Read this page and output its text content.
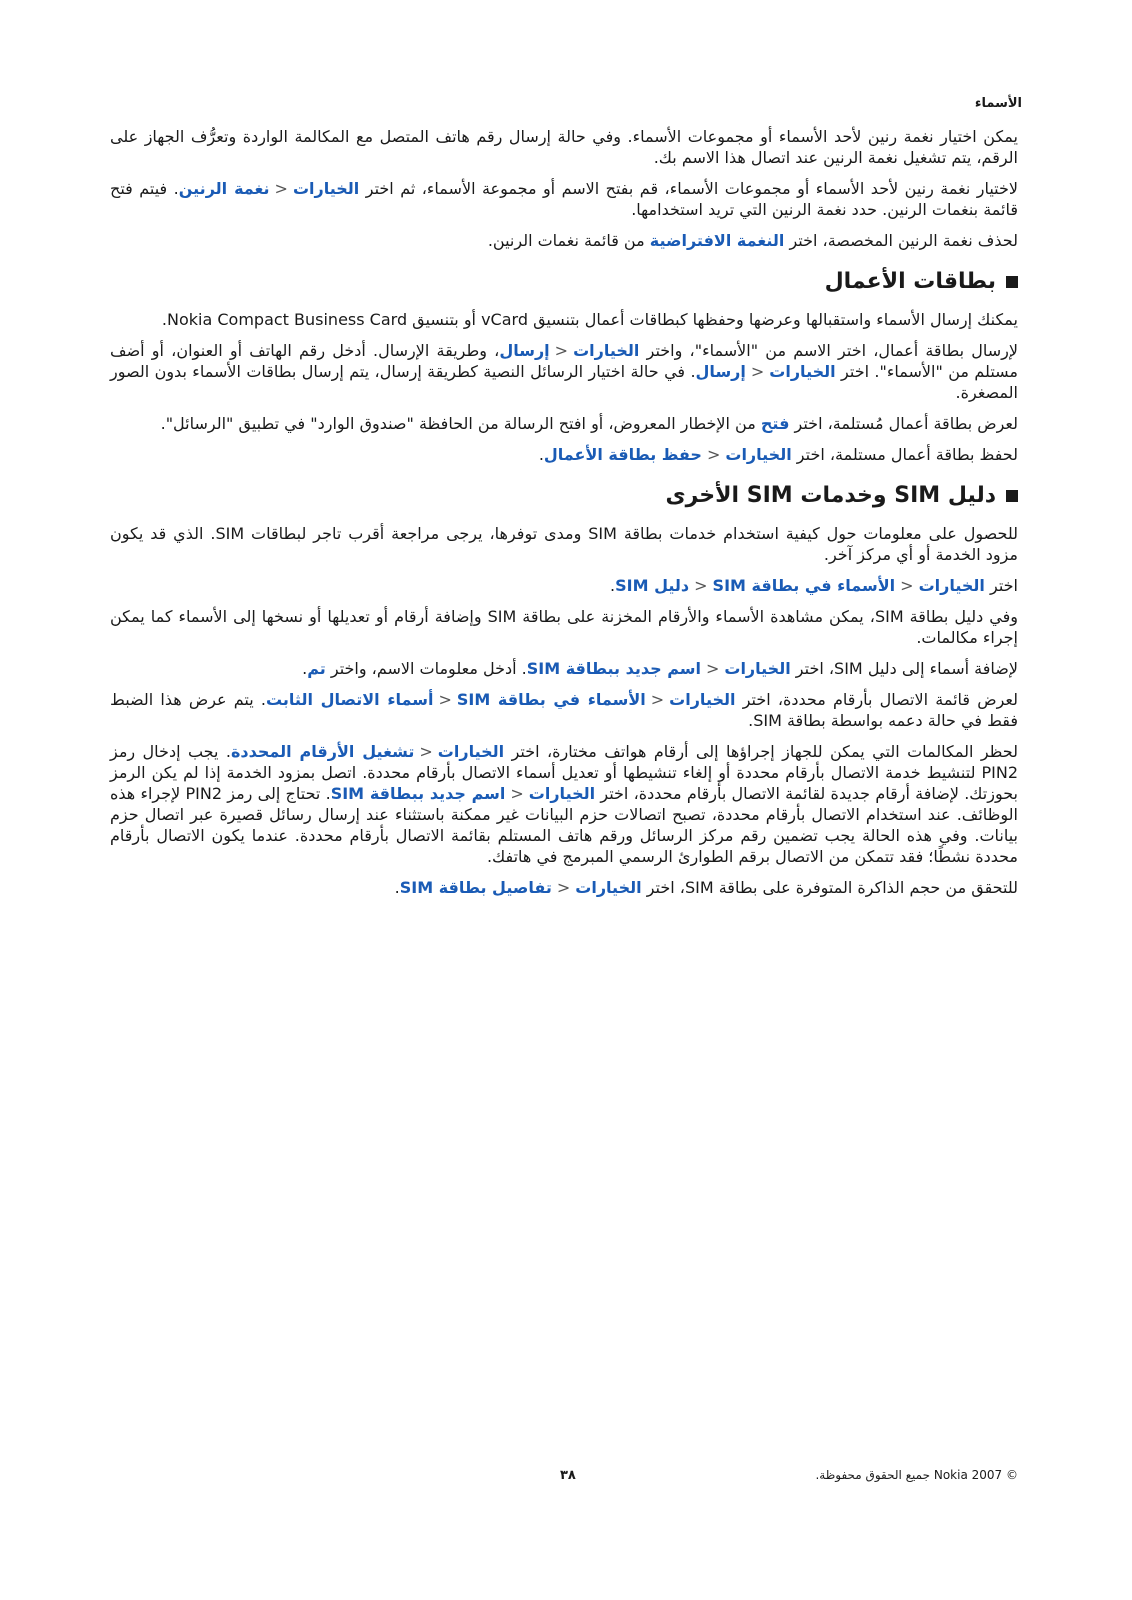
الأسماء

يمكن اختيار نغمة رنين لأحد الأسماء أو مجموعات الأسماء. وفي حالة إرسال رقم هاتف المتصل مع المكالمة الواردة وتعرُّف الجهاز على الرقم، يتم تشغيل نغمة الرنين عند اتصال هذا الاسم بك.

لاختيار نغمة رنين لأحد الأسماء أو مجموعات الأسماء، قم بفتح الاسم أو مجموعة الأسماء، ثم اختر الخيارات<نغمة الرنين. فيتم فتح قائمة بنغمات الرنين. حدد نغمة الرنين التي تريد استخدامها.

لحذف نغمة الرنين المخصصة، اختر النغمة الافتراضية من قائمة نغمات الرنين.

بطاقات الأعمال

يمكنك إرسال الأسماء واستقبالها وعرضها وحفظها كبطاقات أعمال بتنسيق vCard أو بتنسيق Nokia Compact Business Card.

لإرسال بطاقة أعمال، اختر الاسم من "الأسماء"، واختر الخيارات<إرسال، وطريقة الإرسال. أدخل رقم الهاتف أو العنوان، أو أضف مستلم من "الأسماء". اختر الخيارات<إرسال. في حالة اختيار الرسائل النصية كطريقة إرسال، يتم إرسال بطاقات الأسماء بدون الصور المصغرة.

لعرض بطاقة أعمال مُستلمة، اختر فتح من الإخطار المعروض، أو افتح الرسالة من الحافظة "صندوق الوارد" في تطبيق "الرسائل".

لحفظ بطاقة أعمال مستلمة، اختر الخيارات<حفظ بطاقة الأعمال.

دليل SIM وخدمات SIM الأخرى

للحصول على معلومات حول كيفية استخدام خدمات بطاقة SIM ومدى توفرها، يرجى مراجعة أقرب تاجر لبطاقات SIM. الذي قد يكون مزود الخدمة أو أي مركز آخر.

اختر الخيارات<الأسماء في بطاقة SIM<دليل SIM.

وفي دليل بطاقة SIM، يمكن مشاهدة الأسماء والأرقام المخزنة على بطاقة SIM وإضافة أرقام أو تعديلها أو نسخها إلى الأسماء كما يمكن إجراء مكالمات.

لإضافة أسماء إلى دليل SIM، اختر الخيارات<اسم جديد ببطاقة SIM. أدخل معلومات الاسم، واختر تم.

لعرض قائمة الاتصال بأرقام محددة، اختر الخيارات<الأسماء في بطاقة SIM<أسماء الاتصال الثابت. يتم عرض هذا الضبط فقط في حالة دعمه بواسطة بطاقة SIM.

لحظر المكالمات التي يمكن للجهاز إجراؤها إلى أرقام هواتف مختارة، اختر الخيارات<تشغيل الأرقام المحددة. يجب إدخال رمز PIN2 لتنشيط خدمة الاتصال بأرقام محددة أو إلغاء تنشيطها أو تعديل أسماء الاتصال بأرقام محددة. اتصل بمزود الخدمة إذا لم يكن الرمز بحوزتك. لإضافة أرقام جديدة لقائمة الاتصال بأرقام محددة، اختر الخيارات<اسم جديد ببطاقة SIM. تحتاج إلى رمز PIN2 لإجراء هذه الوظائف. عند استخدام الاتصال بأرقام محددة، تصبح اتصالات حزم البيانات غير ممكنة باستثناء عند إرسال رسائل قصيرة عبر اتصال حزم بيانات. وفي هذه الحالة يجب تضمين رقم مركز الرسائل ورقم هاتف المستلم بقائمة الاتصال بأرقام محددة. عندما يكون الاتصال بأرقام محددة نشطًا؛ فقد تتمكن من الاتصال برقم الطوارئ الرسمي المبرمج في هاتفك.

للتحقق من حجم الذاكرة المتوفرة على بطاقة SIM، اختر الخيارات<تفاصيل بطاقة SIM.

© Nokia 2007 جميع الحقوق محفوظة.
٣٨
